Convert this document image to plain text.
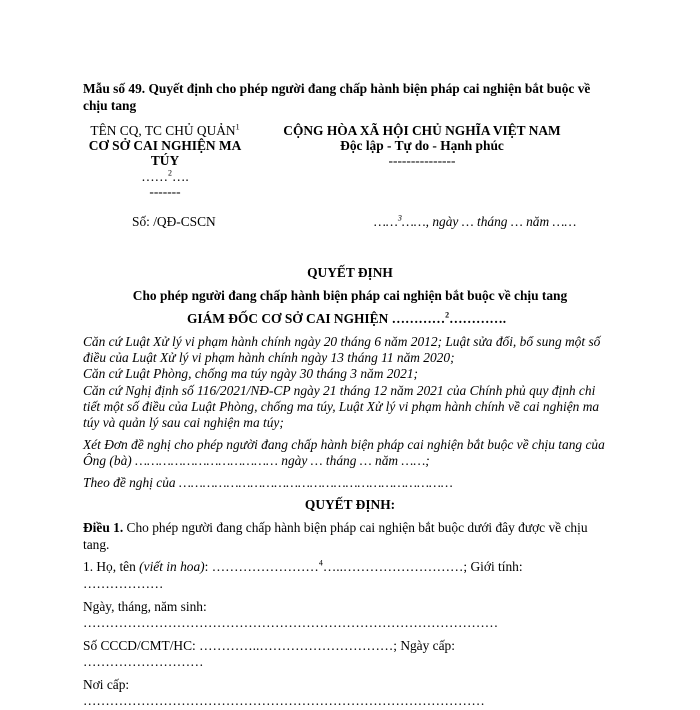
Mẫu số 49. Quyết định cho phép người đang chấp hành biện pháp cai nghiện bắt buộc về
chịu tang
TÊN CQ, TC CHỦ QUẢN$^1$
CƠ SỞ CAI NGHIỆN MA
TÚY
……$^2$….
-------
CỘNG HÒA XÃ HỘI CHỦ NGHĨA VIỆT NAM
Độc lập - Tự do - Hạnh phúc
---------------
Số: /QĐ-CSCN	……$^3$……, ngày … tháng … năm ……
QUYẾT ĐỊNH
Cho phép người đang chấp hành biện pháp cai nghiện bắt buộc về chịu tang
GIÁM ĐỐC CƠ SỞ CAI NGHIỆN …………$^2$………….
Căn cứ Luật Xử lý vi phạm hành chính ngày 20 tháng 6 năm 2012; Luật sửa đổi, bổ sung một số
điều của Luật Xử lý vi phạm hành chính ngày 13 tháng 11 năm 2020;
Căn cứ Luật Phòng, chống ma túy ngày 30 tháng 3 năm 2021;
Căn cứ Nghị định số 116/2021/NĐ-CP ngày 21 tháng 12 năm 2021 của Chính phủ quy định chi
tiết một số điều của Luật Phòng, chống ma túy, Luật Xử lý vi phạm hành chính về cai nghiện ma
túy và quản lý sau cai nghiện ma túy;
Xét Đơn đề nghị cho phép người đang chấp hành biện pháp cai nghiện bắt buộc về chịu tang của
Ông (bà) ……………………………… ngày … tháng … năm ……;
Theo đề nghị của ……………………………………………………………
QUYẾT ĐỊNH:
Điều 1. Cho phép người đang chấp hành biện pháp cai nghiện bắt buộc dưới đây được về chịu
tang.
1. Họ, tên (viết in hoa): ……………………$^4$…..………………………; Giới tính:
………………
Ngày, tháng, năm sinh:
…………………………………………………………………………………
Số CCCD/CMT/HC: …………..…………………………; Ngày cấp:
………………………
Nơi cấp:
………………………………………………………………………………
